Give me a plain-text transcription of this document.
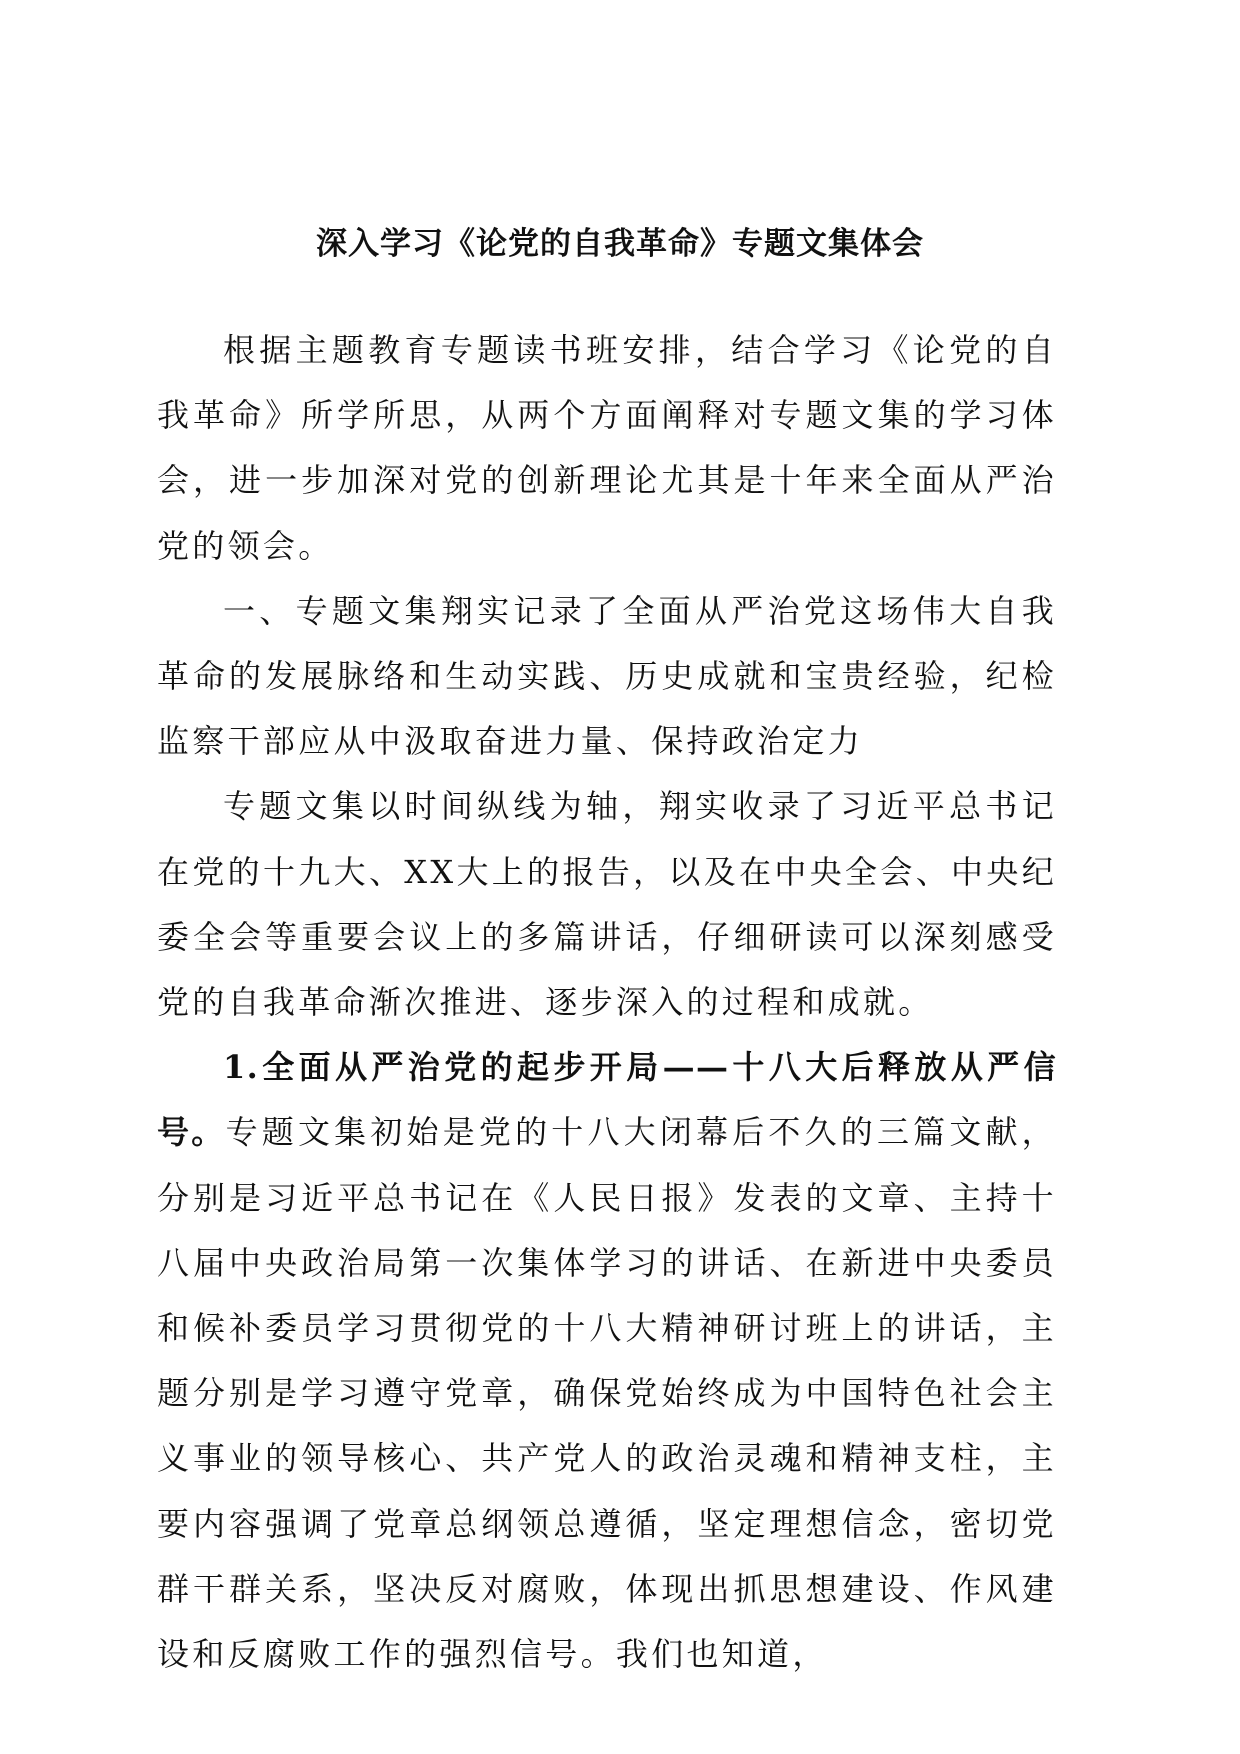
深入学习《论党的自我革命》专题文集体会

根据主题教育专题读书班安排，结合学习《论党的自我革命》所学所思，从两个方面阐释对专题文集的学习体会，进一步加深对党的创新理论尤其是十年来全面从严治党的领会。

一、专题文集翔实记录了全面从严治党这场伟大自我革命的发展脉络和生动实践、历史成就和宝贵经验，纪检监察干部应从中汲取奋进力量、保持政治定力

专题文集以时间纵线为轴，翔实收录了习近平总书记在党的十九大、XX大上的报告，以及在中央全会、中央纪委全会等重要会议上的多篇讲话，仔细研读可以深刻感受党的自我革命渐次推进、逐步深入的过程和成就。

1.全面从严治党的起步开局——十八大后释放从严信号。专题文集初始是党的十八大闭幕后不久的三篇文献，分别是习近平总书记在《人民日报》发表的文章、主持十八届中央政治局第一次集体学习的讲话、在新进中央委员和候补委员学习贯彻党的十八大精神研讨班上的讲话，主题分别是学习遵守党章，确保党始终成为中国特色社会主义事业的领导核心、共产党人的政治灵魂和精神支柱，主要内容强调了党章总纲领总遵循，坚定理想信念，密切党群干群关系，坚决反对腐败，体现出抓思想建设、作风建设和反腐败工作的强烈信号。我们也知道，
